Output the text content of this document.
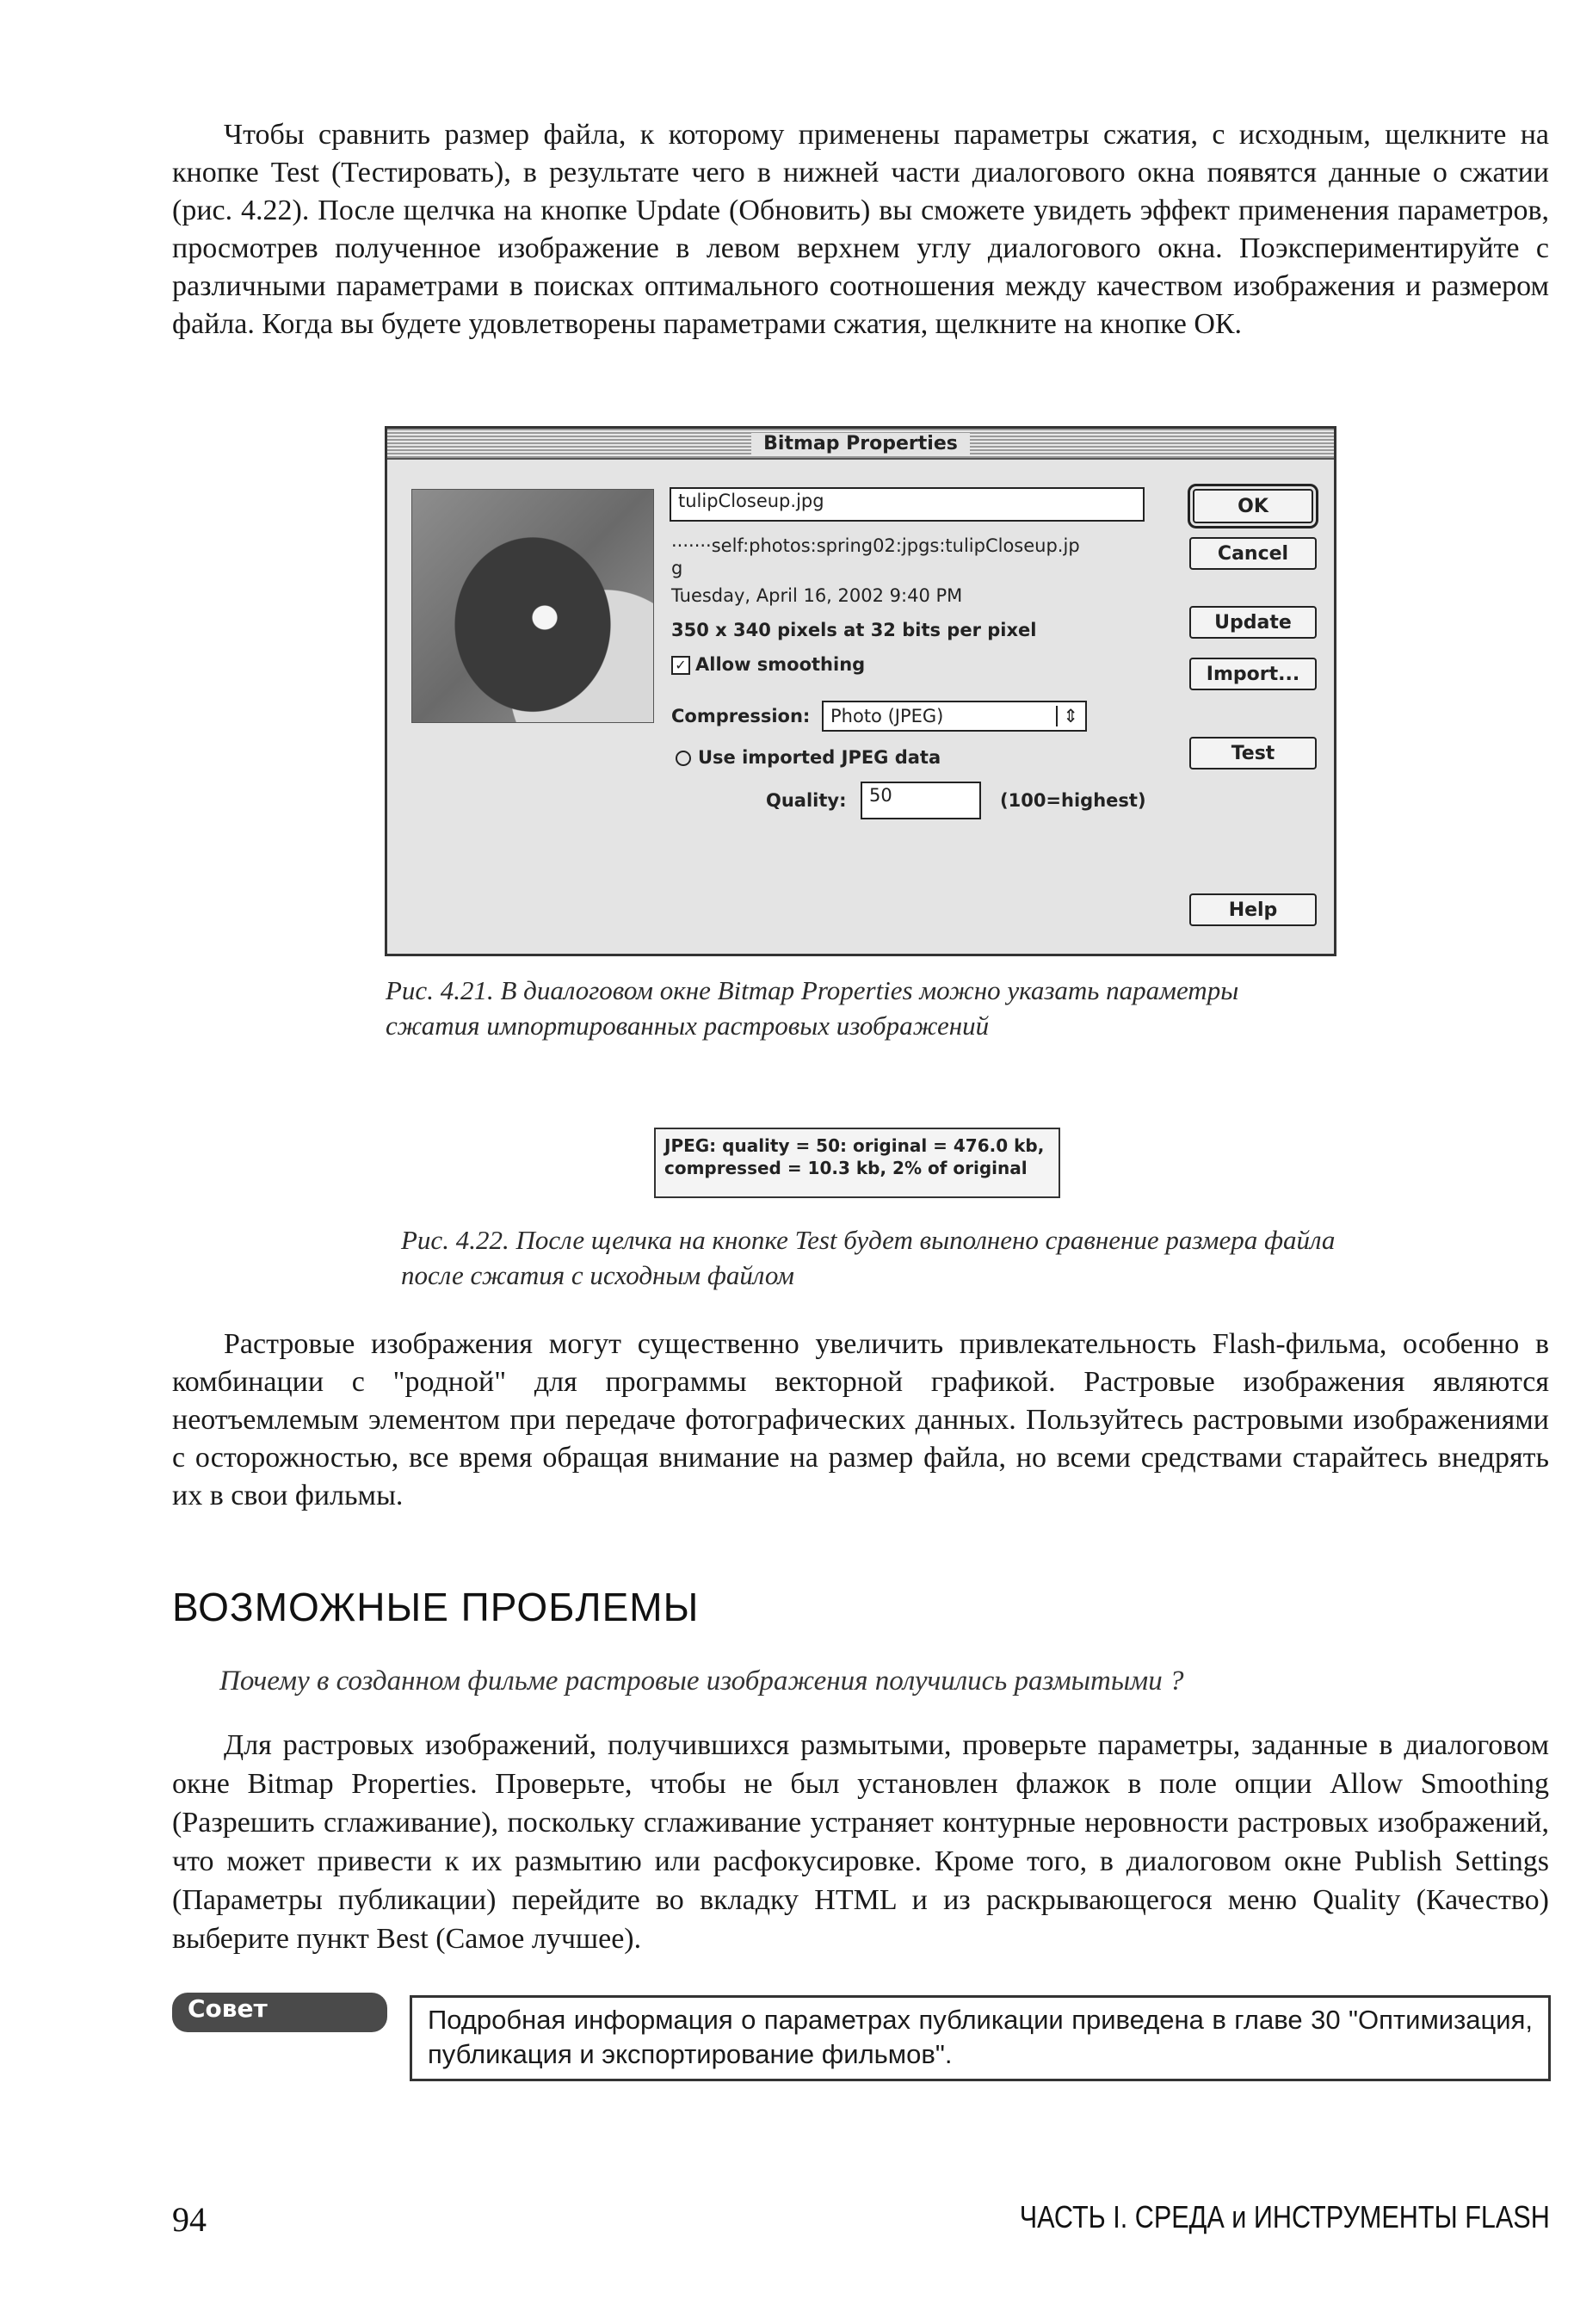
Чтобы сравнить размер файла, к которому применены параметры сжатия, с исходным, щелкните на кнопке Test (Тестировать), в результате чего в нижней части диалогового окна появятся данные о сжатии (рис. 4.22). После щелчка на кнопке Update (Обновить) вы сможете увидеть эффект применения параметров, просмотрев полученное изображение в левом верхнем углу диалогового окна. Поэкспериментируйте с различными параметрами в поисках оптимального соотношения между качеством изображения и размером файла. Когда вы будете удовлетворены параметрами сжатия, щелкните на кнопке ОК.

Bitmap Properties
tulipCloseup.jpg
·······self:photos:spring02:jpgs:tulipCloseup.jp
g
Tuesday, April 16, 2002 9:40 PM
350 x 340 pixels at 32 bits per pixel
✓ Allow smoothing
Compression: Photo (JPEG)	⇕
Use imported JPEG data
Quality:	50	(100=highest)
OK
Cancel
Update
Import...
Test
Help

Рис. 4.21. В диалоговом окне Bitmap Properties можно указать параметры сжатия импортированных растровых изображений

JPEG: quality = 50: original = 476.0 kb,
compressed = 10.3 kb, 2% of original

Рис. 4.22. После щелчка на кнопке Test будет выполнено сравнение размера файла после сжатия с исходным файлом

Растровые изображения могут существенно увеличить привлекательность Flash-фильма, особенно в комбинации с "родной" для программы векторной графикой. Растровые изображения являются неотъемлемым элементом при передаче фотографических данных. Пользуйтесь растровыми изображениями с осторожностью, все время обращая внимание на размер файла, но всеми средствами старайтесь внедрять их в свои фильмы.

ВОЗМОЖНЫЕ ПРОБЛЕМЫ
Почему в созданном фильме растровые изображения получились размытыми ?

Для растровых изображений, получившихся размытыми, проверьте параметры, заданные в диалоговом окне Bitmap Properties. Проверьте, чтобы не был установлен флажок в поле опции Allow Smoothing (Разрешить сглаживание), поскольку сглаживание устраняет контурные неровности растровых изображений, что может привести к их размытию или расфокусировке. Кроме того, в диалоговом окне Publish Settings (Параметры публикации) перейдите во вкладку HTML и из раскрывающегося меню Quality (Качество) выберите пункт Best (Самое лучшее).

Совет	Подробная информация о параметрах публикации приведена в главе 30 "Оптимизация, публикация и экспортирование фильмов".
94	ЧАСТЬ I. СРЕДА и ИНСТРУМЕНТЫ FLASH
